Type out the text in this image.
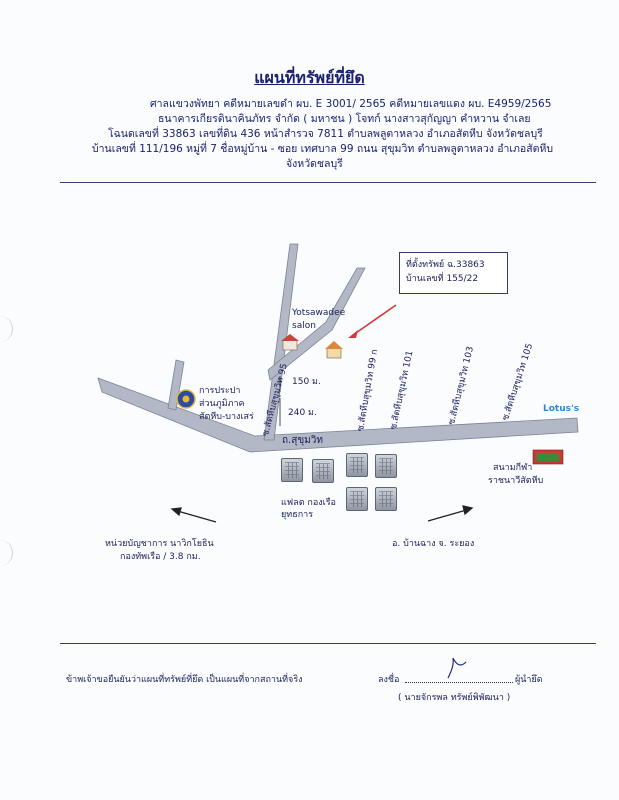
แผนที่ทรัพย์ที่ยึด
ศาลแขวงพัทยา คดีหมายเลขดำ ผบ. E 3001/ 2565 คดีหมายเลขแดง ผบ. E4959/2565
ธนาคารเกียรตินาคินภัทร จำกัด ( มหาชน ) โจทก์ นางสาวสุกัญญา คำหวาน จำเลย
โฉนดเลขที่ 33863 เลขที่ดิน 436 หน้าสำรวจ 7811 ตำบลพลูตาหลวง อำเภอสัตหีบ จังหวัดชลบุรี
บ้านเลขที่ 111/196 หมู่ที่ 7 ชื่อหมู่บ้าน - ซอย เทศบาล 99 ถนน สุขุมวิท ตำบลพลูตาหลวง อำเภอสัตหีบ
จังหวัดชลบุรี
ที่ตั้งทรัพย์ ฉ.33863
บ้านเลขที่ 155/22
Yotsawadee
salon
การประปา
ส่วนภูมิภาค
สัตหีบ-บางเสร่
150 ม.
240 ม.
ถ.สุขุมวิท
ซ.สัตหีบสุขุมวิท 95	ซ.สัตหีบสุขุมวิท 99 ก ซ.สัตหีบสุขุมวิท 101	ซ.สัตหีบสุขุมวิท 103	ซ.สัตหีบสุขุมวิท 105 Lotus's
สนามกีฬา
ราชนาวีสัตหีบ
แฟลต กองเรือ
ยุทธการ
หน่วยบัญชาการ นาวิกโยธิน
กองทัพเรือ / 3.8 กม.
อ. บ้านฉาง จ. ระยอง
ข้าพเจ้าขอยืนยันว่าแผนที่ทรัพย์ที่ยึด เป็นแผนที่จากสถานที่จริง	ลงชื่อ	ผู้นำยึด
( นายจักรพล ทรัพย์พิพัฒนา )
